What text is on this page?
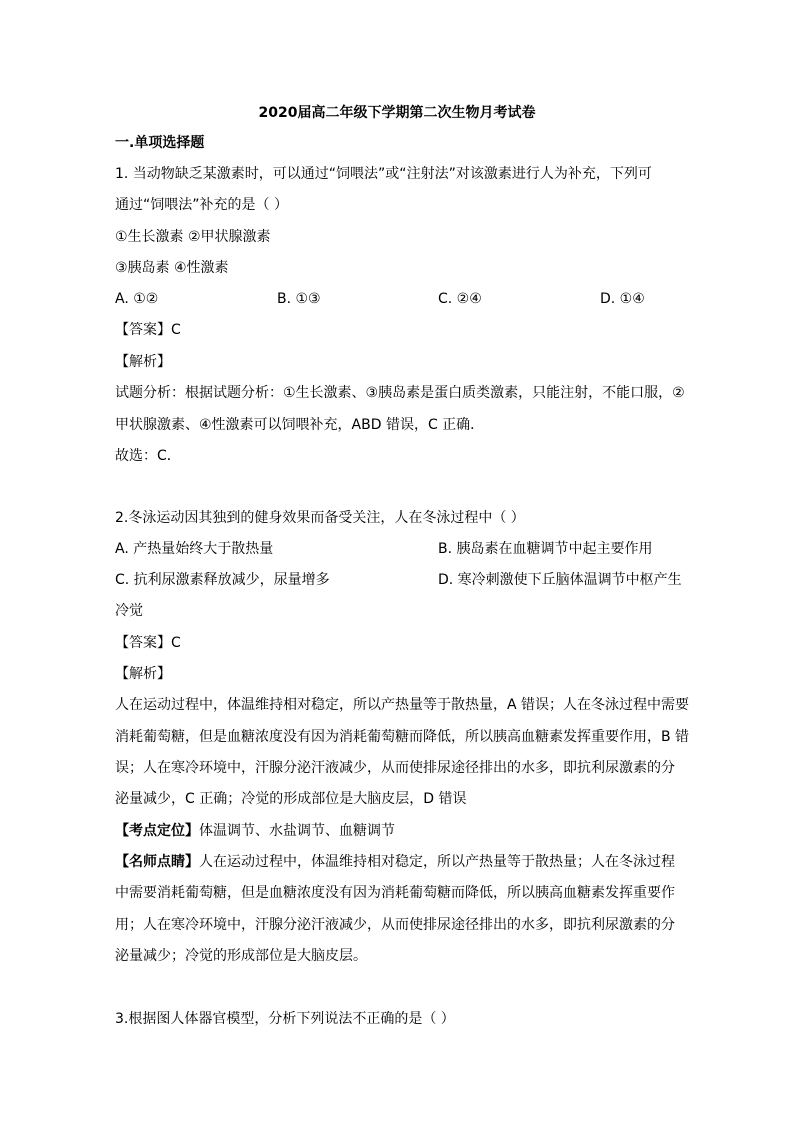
2020届高二年级下学期第二次生物月考试卷
一.单项选择题
1. 当动物缺乏某激素时，可以通过“饲喂法”或“注射法”对该激素进行人为补充，下列可
通过“饲喂法”补充的是（ ）
①生长激素 ②甲状腺激素
③胰岛素 ④性激素
A. ①②	B. ①③	C. ②④	D. ①④
【答案】C
【解析】
试题分析：根据试题分析：①生长激素、③胰岛素是蛋白质类激素，只能注射，不能口服，②
甲状腺激素、④性激素可以饲喂补充，ABD 错误，C 正确．
故选：C．
2.冬泳运动因其独到的健身效果而备受关注，人在冬泳过程中（ ）
A. 产热量始终大于散热量	B. 胰岛素在血糖调节中起主要作用
C. 抗利尿激素释放减少，尿量增多	D. 寒冷刺激使下丘脑体温调节中枢产生
冷觉
【答案】C
【解析】
人在运动过程中，体温维持相对稳定，所以产热量等于散热量，A 错误；人在冬泳过程中需要
消耗葡萄糖，但是血糖浓度没有因为消耗葡萄糖而降低，所以胰高血糖素发挥重要作用，B 错
误；人在寒冷环境中，汗腺分泌汗液减少，从而使排尿途径排出的水多，即抗利尿激素的分
泌量减少，C 正确；冷觉的形成部位是大脑皮层，D 错误
【考点定位】体温调节、水盐调节、血糖调节
【名师点睛】人在运动过程中，体温维持相对稳定，所以产热量等于散热量；人在冬泳过程
中需要消耗葡萄糖，但是血糖浓度没有因为消耗葡萄糖而降低，所以胰高血糖素发挥重要作
用；人在寒冷环境中，汗腺分泌汗液减少，从而使排尿途径排出的水多，即抗利尿激素的分
泌量减少；冷觉的形成部位是大脑皮层。
3.根据图人体器官模型，分析下列说法不正确的是（ ）
